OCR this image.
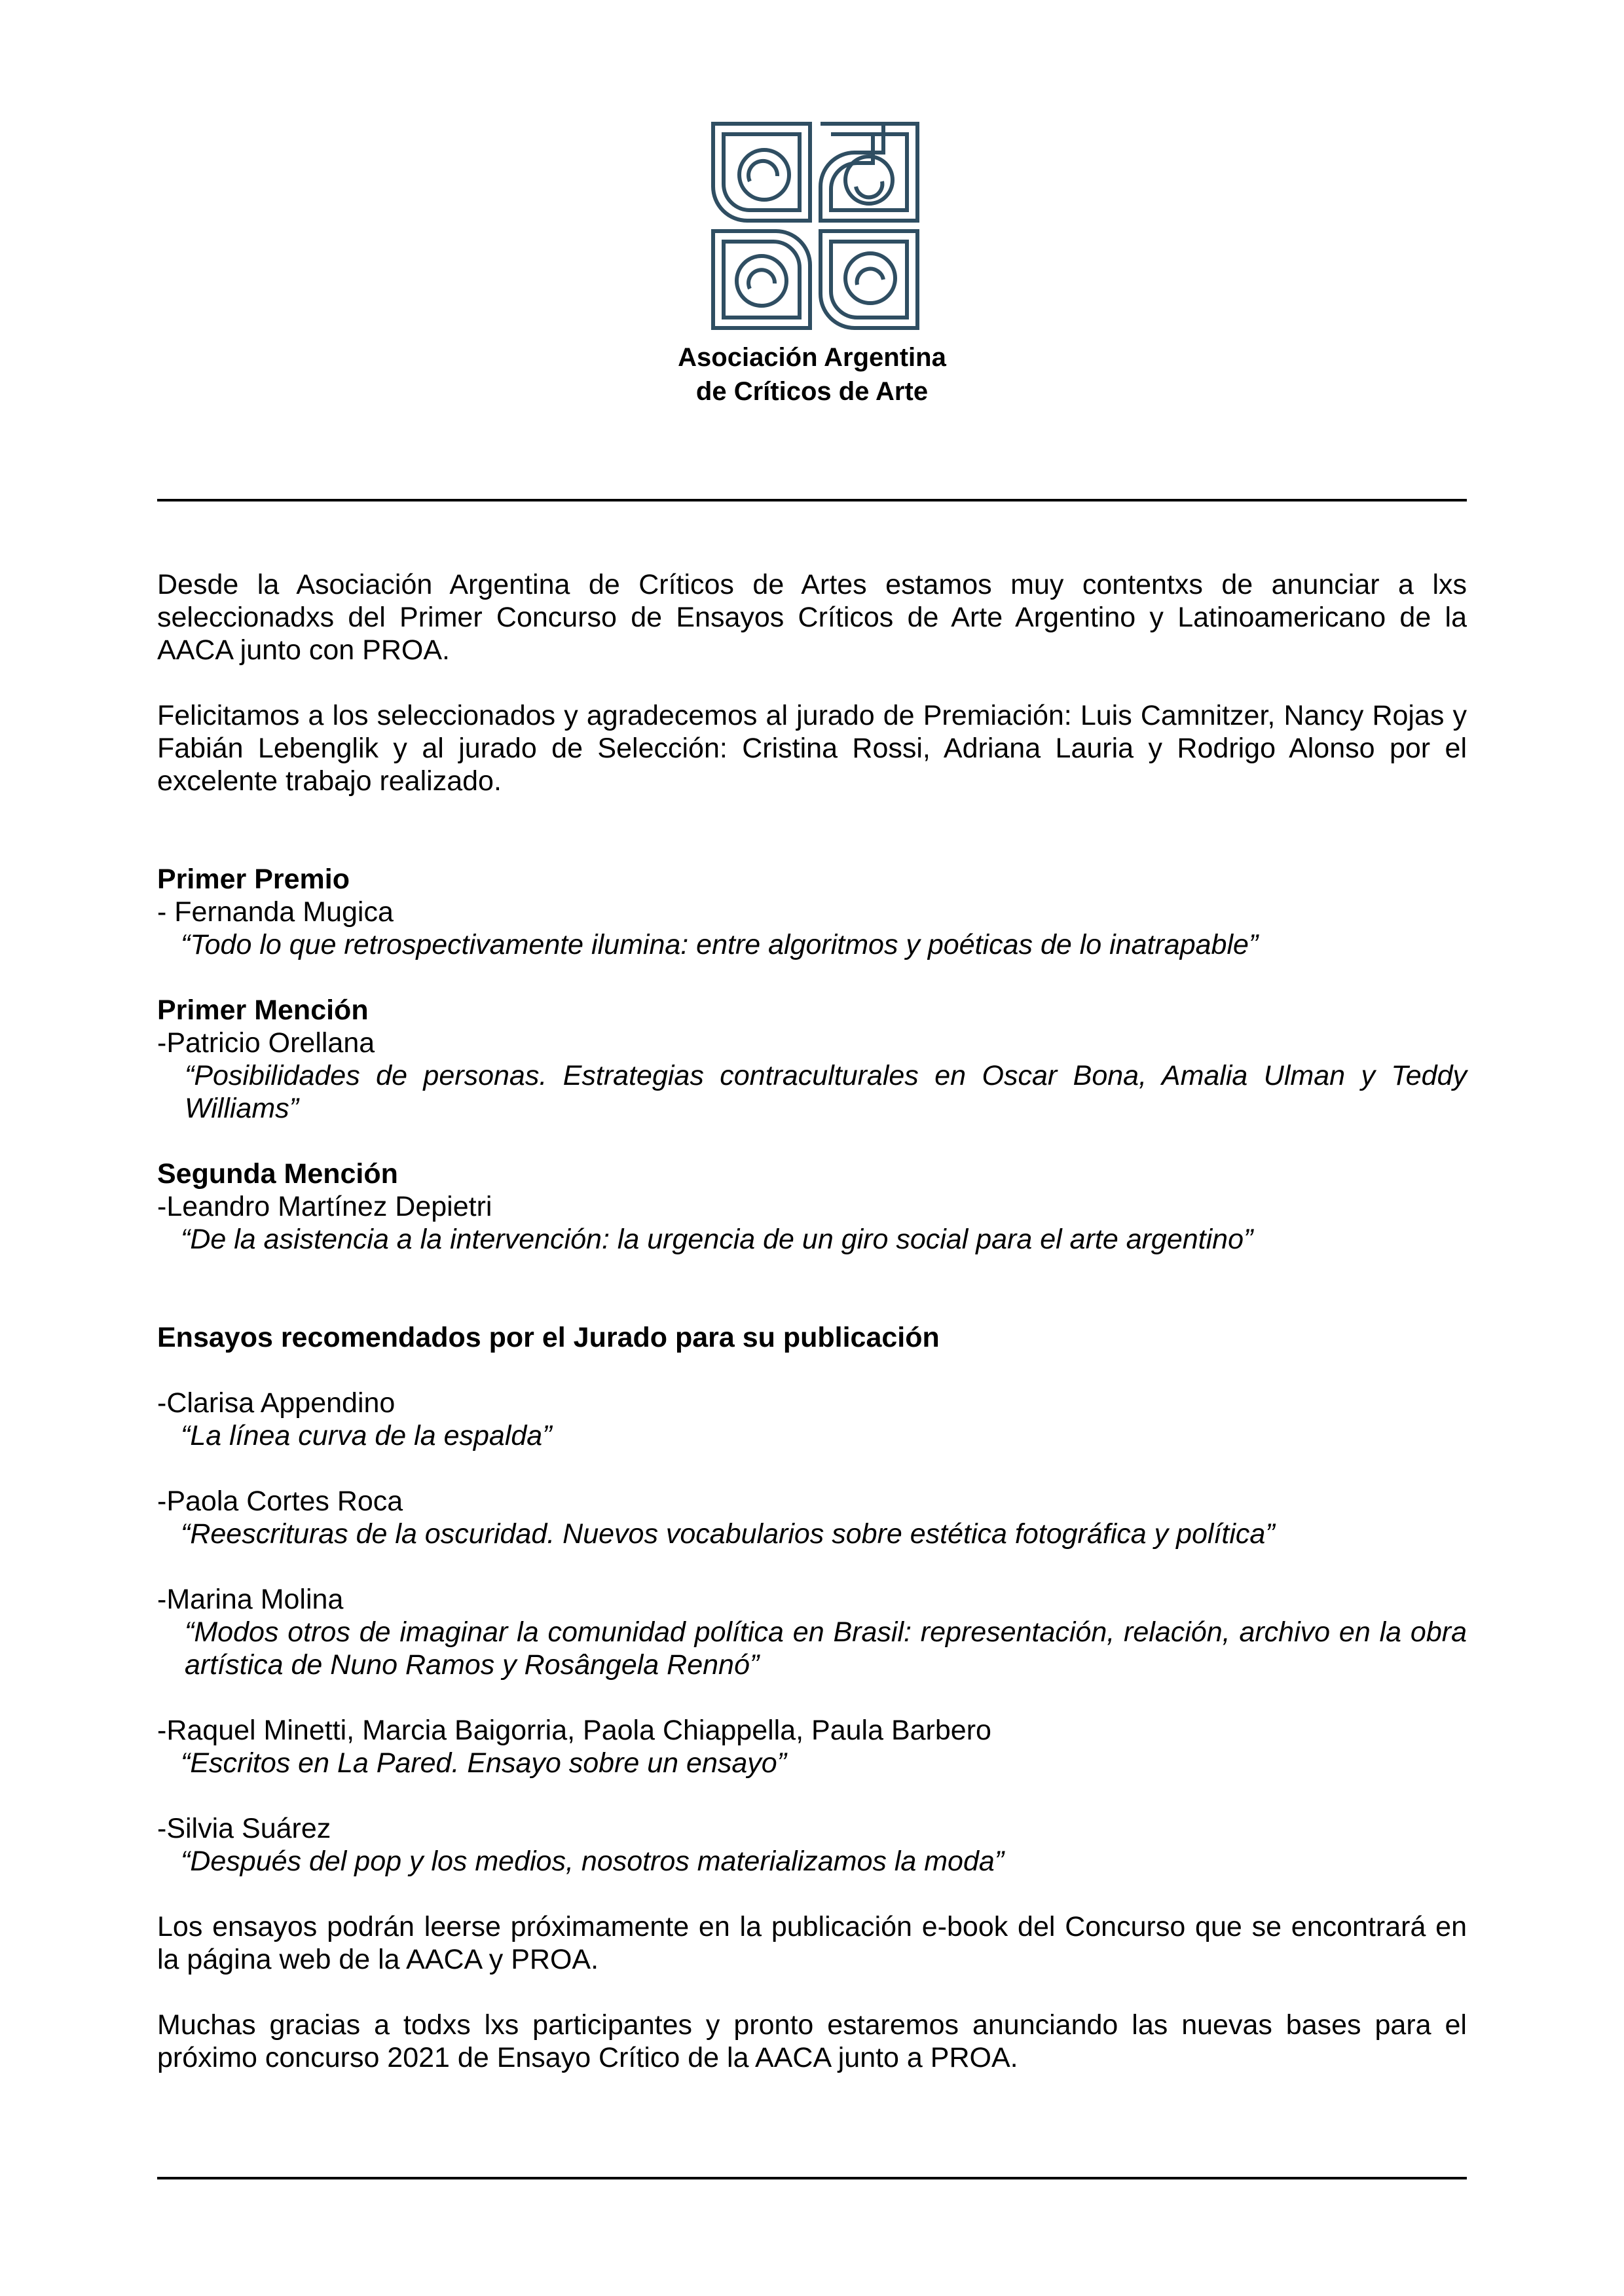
Asociación Argentina
de Críticos de Arte

Desde la Asociación Argentina de Críticos de Artes estamos muy contentxs de anunciar a lxs seleccionadxs del Primer Concurso de Ensayos Críticos de Arte Argentino y Latinoamericano de la AACA junto con PROA.

Felicitamos a los seleccionados y agradecemos al jurado de Premiación: Luis Camnitzer, Nancy Rojas y Fabián Lebenglik y al jurado de Selección: Cristina Rossi, Adriana Lauria y Rodrigo Alonso por el excelente trabajo realizado.

Primer Premio

- Fernanda Mugica

“Todo lo que retrospectivamente ilumina: entre algoritmos y poéticas de lo inatrapable”

Primer Mención

-Patricio Orellana

“Posibilidades de personas. Estrategias contraculturales en Oscar Bona, Amalia Ulman y Teddy Williams”

Segunda Mención

-Leandro Martínez Depietri

“De la asistencia a la intervención: la urgencia de un giro social para el arte argentino”

Ensayos recomendados por el Jurado para su publicación

-Clarisa Appendino

“La línea curva de la espalda”

-Paola Cortes Roca

“Reescrituras de la oscuridad. Nuevos vocabularios sobre estética fotográfica y política”

-Marina Molina

“Modos otros de imaginar la comunidad política en Brasil: representación, relación, archivo en la obra artística de Nuno Ramos y Rosângela Rennó”

-Raquel Minetti, Marcia Baigorria, Paola Chiappella, Paula Barbero

“Escritos en La Pared. Ensayo sobre un ensayo”

-Silvia Suárez

“Después del pop y los medios, nosotros materializamos la moda”

Los ensayos podrán leerse próximamente en la publicación e-book del Concurso que se encontrará en la página web de la AACA y PROA.

Muchas gracias a todxs lxs participantes y pronto estaremos anunciando las nuevas bases para el próximo concurso 2021 de Ensayo Crítico de la AACA junto a PROA.
